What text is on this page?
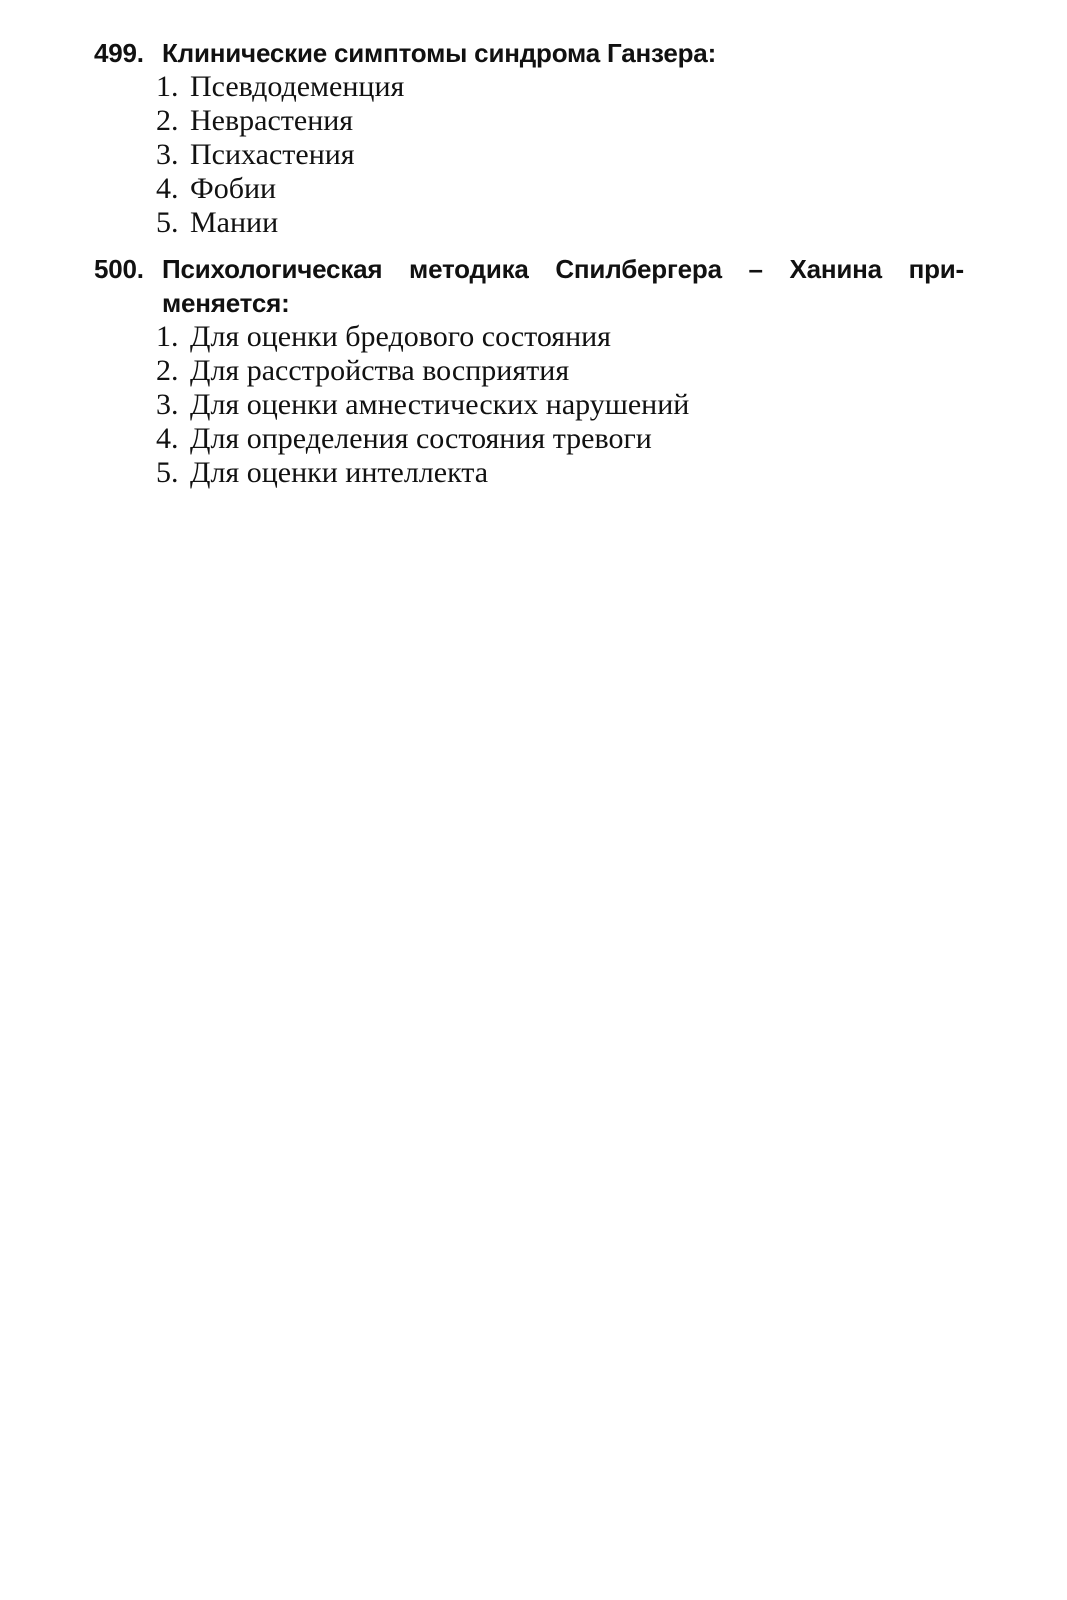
499. Клинические симптомы синдрома Ганзера:
1. Псевдодеменция
2. Неврастения
3. Психастения
4. Фобии
5. Мании
500. Психологическая методика Спилбергера – Ханина при-
меняется:
1. Для оценки бредового состояния
2. Для расстройства восприятия
3. Для оценки амнестических нарушений
4. Для определения состояния тревоги
5. Для оценки интеллекта
